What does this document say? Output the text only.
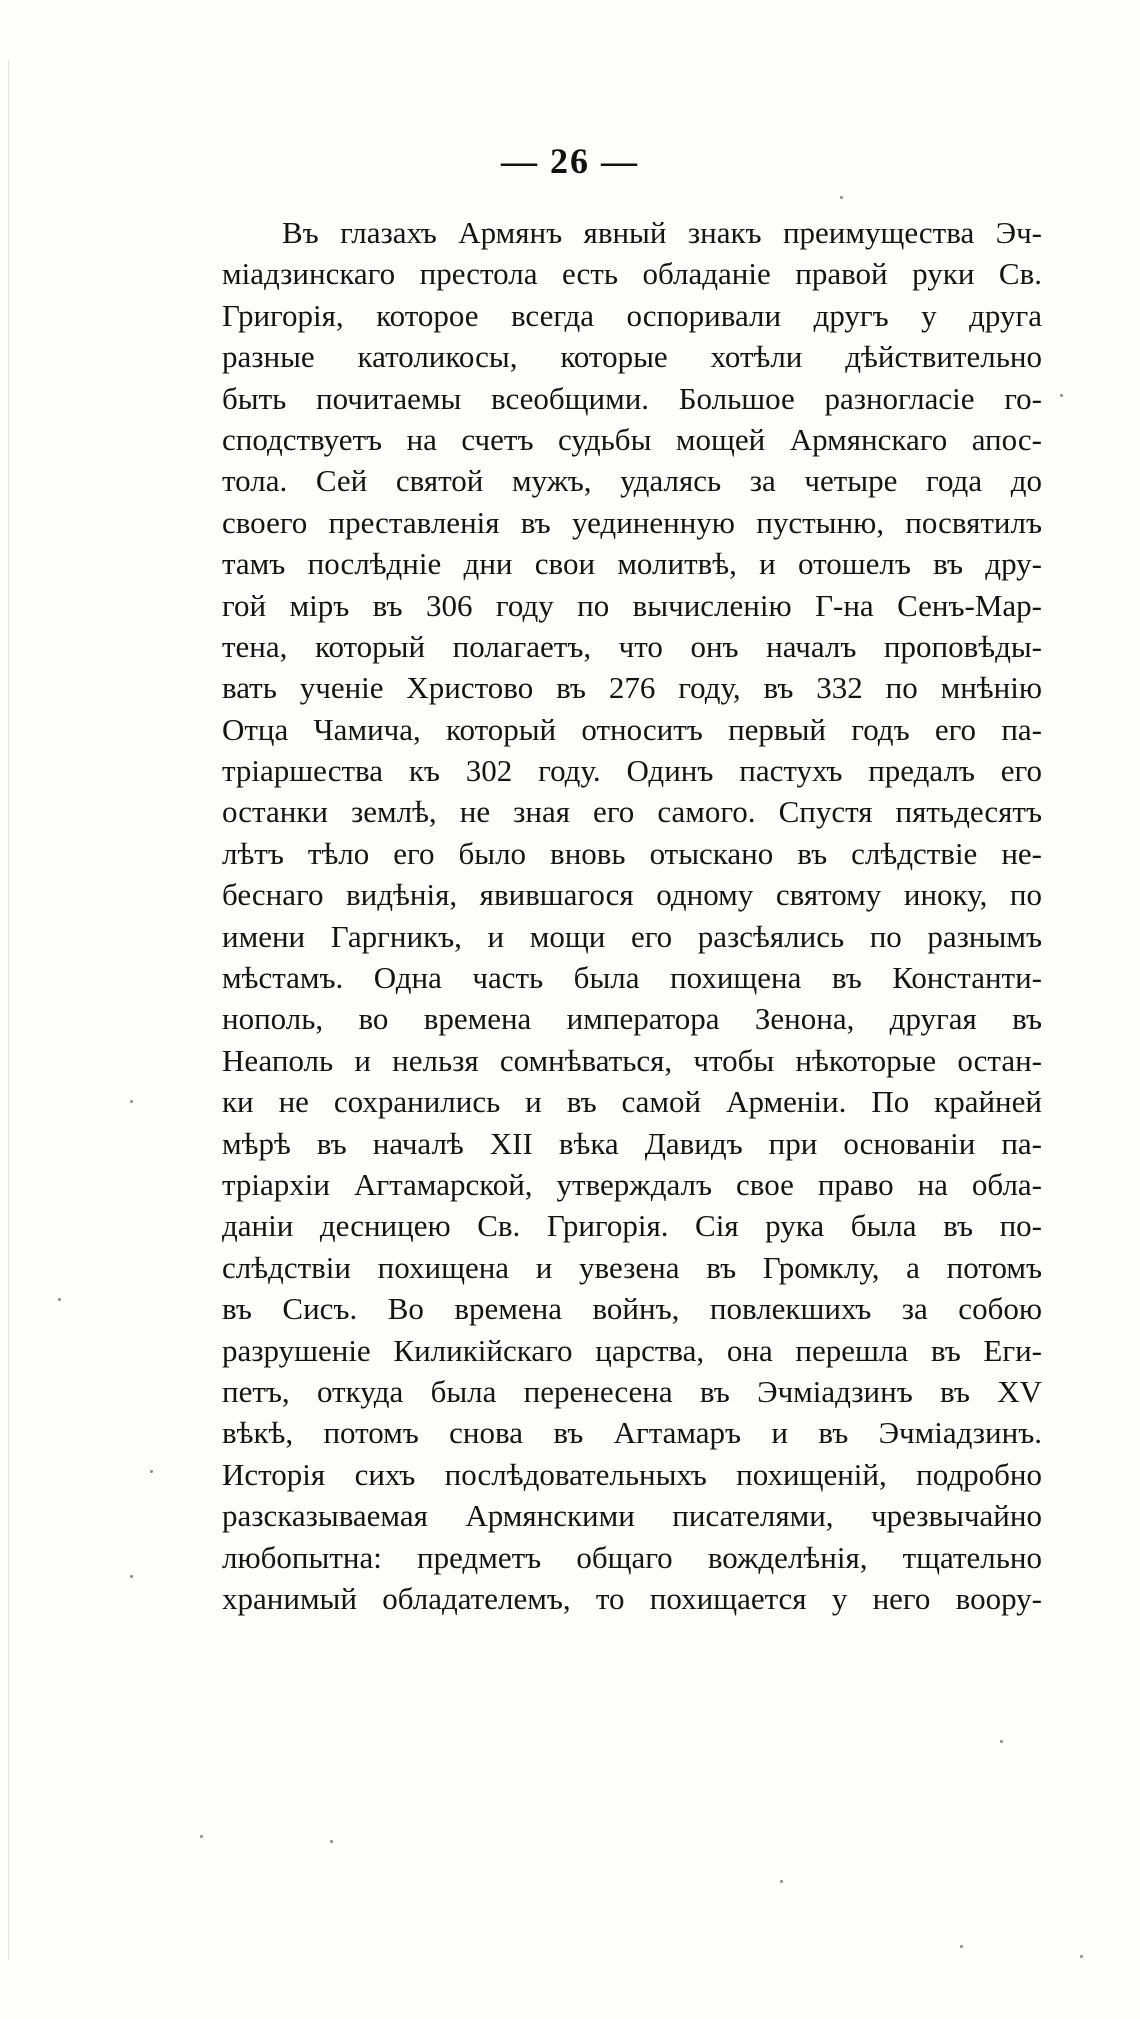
— 26 —
Въ глазахъ Армянъ явный знакъ преимущества Эч-
міадзинскаго престола есть обладаніе правой руки Св.
Григорія, которое всегда оспоривали другъ у друга
разные католикосы, которые хотѣли дѣйствительно
быть почитаемы всеобщими. Большое разногласіе го-
сподствуетъ на счетъ судьбы мощей Армянскаго апос-
тола. Сей святой мужъ, удалясь за четыре года до
своего преставленія въ уединенную пустыню, посвятилъ
тамъ послѣдніе дни свои молитвѣ, и отошелъ въ дру-
гой міръ въ 306 году по вычисленію Г-на Сенъ-Мар-
тена, который полагаетъ, что онъ началъ проповѣды-
вать ученіе Христово въ 276 году, въ 332 по мнѣнію
Отца Чамича, который относитъ первый годъ его па-
тріаршества къ 302 году. Одинъ пастухъ предалъ его
останки землѣ, не зная его самого. Спустя пятьдесятъ
лѣтъ тѣло его было вновь отыскано въ слѣдствіе не-
беснаго видѣнія, явившагося одному святому иноку, по
имени Гаргникъ, и мощи его разсѣялись по разнымъ
мѣстамъ. Одна часть была похищена въ Константи-
нополь, во времена императора Зенона, другая въ
Неаполь и нельзя сомнѣваться, чтобы нѣкоторые остан-
ки не сохранились и въ самой Арменіи. По крайней
мѣрѣ въ началѣ XII вѣка Давидъ при основаніи па-
тріархіи Агтамарской, утверждалъ свое право на обла-
даніи десницею Св. Григорія. Сія рука была въ по-
слѣдствіи похищена и увезена въ Громклу, а потомъ
въ Сисъ. Во времена войнъ, повлекшихъ за собою
разрушеніе Киликійскаго царства, она перешла въ Еги-
петъ, откуда была перенесена въ Эчміадзинъ въ XV
вѣкѣ, потомъ снова въ Агтамаръ и въ Эчміадзинъ.
Исторія сихъ послѣдовательныхъ похищеній, подробно
разсказываемая Армянскими писателями, чрезвычайно
любопытна: предметъ общаго вожделѣнія, тщательно
хранимый обладателемъ, то похищается у него воору-
